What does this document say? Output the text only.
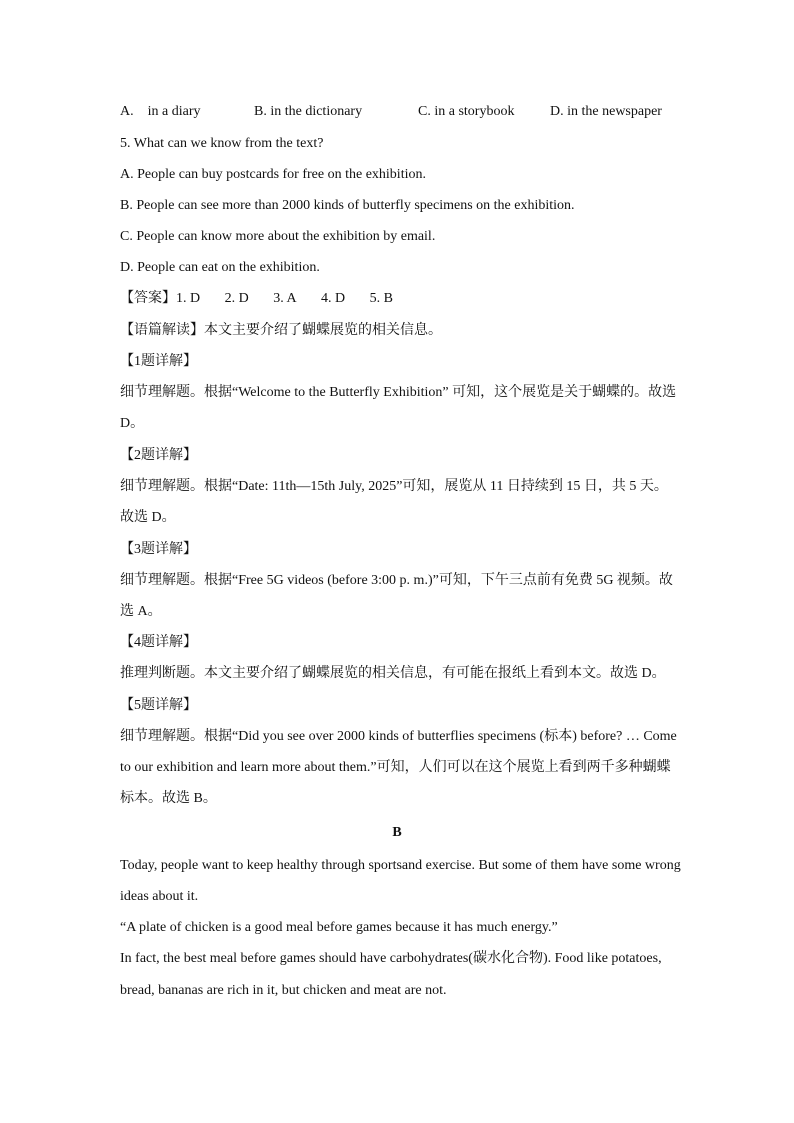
A.    in a diary	B. in the dictionary	C. in a storybook	D. in the newspaper
5. What can we know from the text?
A. People can buy postcards for free on the exhibition.
B. People can see more than 2000 kinds of butterfly specimens on the exhibition.
C. People can know more about the exhibition by email.
D. People can eat on the exhibition.
【答案】1. D       2. D       3. A       4. D       5. B
【语篇解读】本文主要介绍了蝴蝶展览的相关信息。
【1题详解】
细节理解题。根据“Welcome to the Butterfly Exhibition” 可知，这个展览是关于蝴蝶的。故选
D。
【2题详解】
细节理解题。根据“Date: 11th—15th July, 2025”可知，展览从 11 日持续到 15 日，共 5 天。
故选 D。
【3题详解】
细节理解题。根据“Free 5G videos (before 3:00 p. m.)”可知，下午三点前有免费 5G 视频。故
选 A。
【4题详解】
推理判断题。本文主要介绍了蝴蝶展览的相关信息，有可能在报纸上看到本文。故选 D。
【5题详解】
细节理解题。根据“Did you see over 2000 kinds of butterflies specimens (标本) before? … Come
to our exhibition and learn more about them.”可知，人们可以在这个展览上看到两千多种蝴蝶
标本。故选 B。
B
Today, people want to keep healthy through sportsand exercise. But some of them have some wrong
ideas about it.
“A plate of chicken is a good meal before games because it has much energy.”
In fact, the best meal before games should have carbohydrates(碳水化合物). Food like potatoes,
bread, bananas are rich in it, but chicken and meat are not.
